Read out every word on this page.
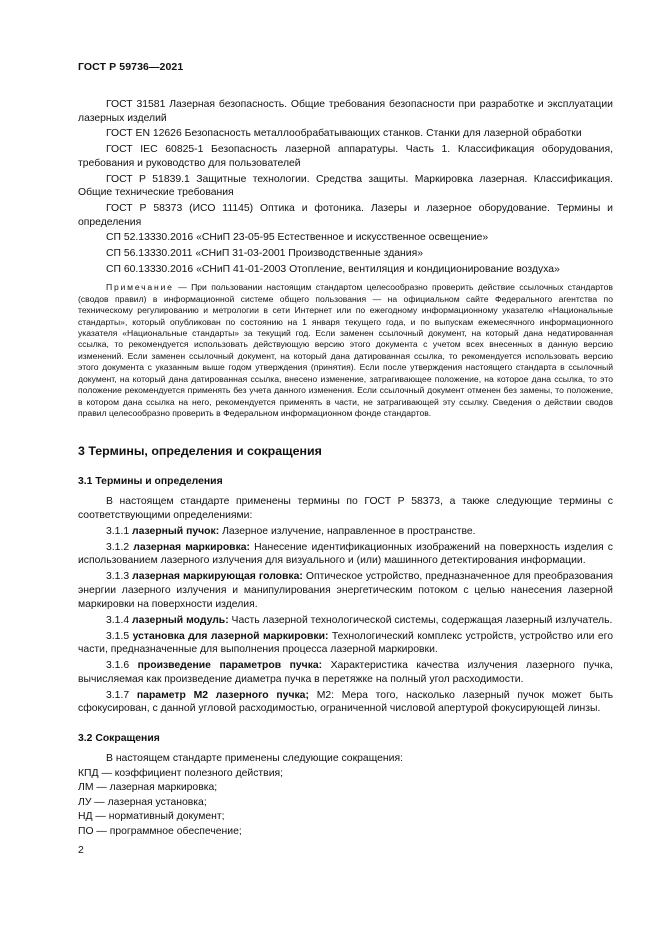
ГОСТ Р 59736—2021

ГОСТ 31581 Лазерная безопасность. Общие требования безопасности при разработке и эксплуатации лазерных изделий

ГОСТ EN 12626 Безопасность металлообрабатывающих станков. Станки для лазерной обработки

ГОСТ IEC 60825-1 Безопасность лазерной аппаратуры. Часть 1. Классификация оборудования, требования и руководство для пользователей

ГОСТ Р 51839.1 Защитные технологии. Средства защиты. Маркировка лазерная. Классификация. Общие технические требования

ГОСТ Р 58373 (ИСО 11145) Оптика и фотоника. Лазеры и лазерное оборудование. Термины и определения

СП 52.13330.2016 «СНиП 23-05-95 Естественное и искусственное освещение»

СП 56.13330.2011 «СНиП 31-03-2001 Производственные здания»

СП 60.13330.2016 «СНиП 41-01-2003 Отопление, вентиляция и кондиционирование воздуха»

Примечание — При пользовании настоящим стандартом целесообразно проверить действие ссылочных стандартов (сводов правил) в информационной системе общего пользования — на официальном сайте Федерального агентства по техническому регулированию и метрологии в сети Интернет или по ежегодному информационному указателю «Национальные стандарты», который опубликован по состоянию на 1 января текущего года, и по выпускам ежемесячного информационного указателя «Национальные стандарты» за текущий год. Если заменен ссылочный документ, на который дана недатированная ссылка, то рекомендуется использовать действующую версию этого документа с учетом всех внесенных в данную версию изменений. Если заменен ссылочный документ, на который дана датированная ссылка, то рекомендуется использовать версию этого документа с указанным выше годом утверждения (принятия). Если после утверждения настоящего стандарта в ссылочный документ, на который дана датированная ссылка, внесено изменение, затрагивающее положение, на которое дана ссылка, то это положение рекомендуется применять без учета данного изменения. Если ссылочный документ отменен без замены, то положение, в котором дана ссылка на него, рекомендуется применять в части, не затрагивающей эту ссылку. Сведения о действии сводов правил целесообразно проверить в Федеральном информационном фонде стандартов.

3 Термины, определения и сокращения
3.1 Термины и определения

В настоящем стандарте применены термины по ГОСТ Р 58373, а также следующие термины с соответствующими определениями:

3.1.1 лазерный пучок: Лазерное излучение, направленное в пространстве.

3.1.2 лазерная маркировка: Нанесение идентификационных изображений на поверхность изделия с использованием лазерного излучения для визуального и (или) машинного детектирования информации.

3.1.3 лазерная маркирующая головка: Оптическое устройство, предназначенное для преобразования энергии лазерного излучения и манипулирования энергетическим потоком с целью нанесения лазерной маркировки на поверхности изделия.

3.1.4 лазерный модуль: Часть лазерной технологической системы, содержащая лазерный излучатель.

3.1.5 установка для лазерной маркировки: Технологический комплекс устройств, устройство или его части, предназначенные для выполнения процесса лазерной маркировки.

3.1.6 произведение параметров пучка: Характеристика качества излучения лазерного пучка, вычисляемая как произведение диаметра пучка в перетяжке на полный угол расходимости.

3.1.7 параметр M2 лазерного пучка; M2: Мера того, насколько лазерный пучок может быть сфокусирован, с данной угловой расходимостью, ограниченной числовой апертурой фокусирующей линзы.

3.2 Сокращения

В настоящем стандарте применены следующие сокращения:

КПД — коэффициент полезного действия;

ЛМ — лазерная маркировка;

ЛУ — лазерная установка;

НД — нормативный документ;

ПО — программное обеспечение;

2
